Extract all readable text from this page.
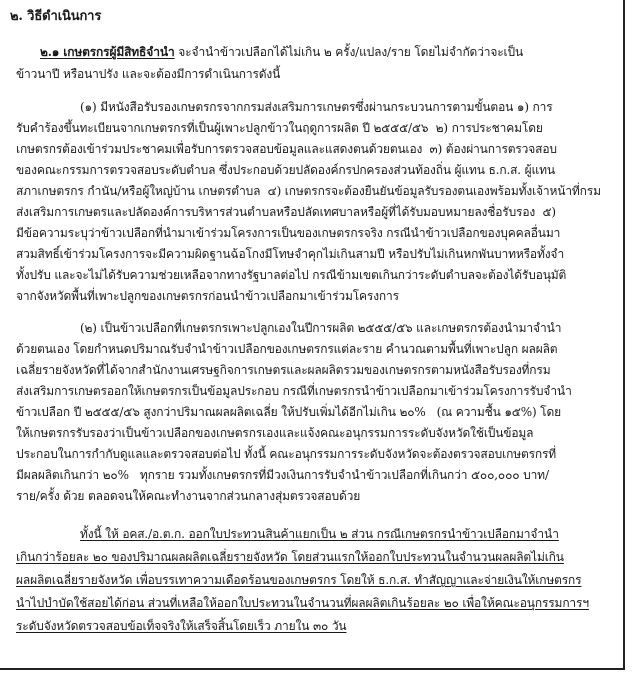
๒. วิธีดำเนินการ
๒.๑ เกษตรกรผู้มีสิทธิจำนำ จะจำนำข้าวเปลือกได้ไม่เกิน ๒ ครั้ง/แปลง/ราย โดยไม่จำกัดว่าจะเป็น
ข้าวนาปี หรือนาปรัง และจะต้องมีการดำเนินการดังนี้
(๑) มีหนังสือรับรองเกษตรกรจากกรมส่งเสริมการเกษตรซึ่งผ่านกระบวนการตามขั้นตอน ๑) การ
รับคำร้องขึ้นทะเบียนจากเกษตรกรที่เป็นผู้เพาะปลูกข้าวในฤดูการผลิต ปี ๒๕๕๕/๕๖  ๒) การประชาคมโดย
เกษตรกรต้องเข้าร่วมประชาคมเพื่อรับการตรวจสอบข้อมูลและแสดงตนด้วยตนเอง  ๓) ต้องผ่านการตรวจสอบ
ของคณะกรรมการตรวจสอบระดับตำบล ซึ่งประกอบด้วยปลัดองค์กรปกครองส่วนท้องถิ่น ผู้แทน ธ.ก.ส. ผู้แทน
สภาเกษตรกร กำนัน/หรือผู้ใหญ่บ้าน เกษตรตำบล  ๔) เกษตรกรจะต้องยืนยันข้อมูลรับรองตนเองพร้อมทั้งเจ้าหน้าที่กรม
ส่งเสริมการเกษตรและปลัดองค์การบริหารส่วนตำบลหรือปลัดเทศบาลหรือผู้ที่ได้รับมอบหมายลงชื่อรับรอง  ๕)
มีข้อความระบุว่าข้าวเปลือกที่นำมาเข้าร่วมโครงการเป็นของเกษตรกรจริง กรณีนำข้าวเปลือกของบุคคลอื่นมา
สวมสิทธิ์เข้าร่วมโครงการจะมีความผิดฐานฉ้อโกงมีโทษจำคุกไม่เกินสามปี หรือปรับไม่เกินหกพันบาทหรือทั้งจำ
ทั้งปรับ และจะไม่ได้รับความช่วยเหลือจากทางรัฐบาลต่อไป กรณีข้ามเขตเกินกว่าระดับตำบลจะต้องได้รับอนุมัติ
จากจังหวัดพื้นที่เพาะปลูกของเกษตรกรก่อนนำข้าวเปลือกมาเข้าร่วมโครงการ
(๒) เป็นข้าวเปลือกที่เกษตรกรเพาะปลูกเองในปีการผลิต ๒๕๕๕/๕๖ และเกษตรกรต้องนำมาจำนำ
ด้วยตนเอง โดยกำหนดปริมาณรับจำนำข้าวเปลือกของเกษตรกรแต่ละราย คำนวณตามพื้นที่เพาะปลูก ผลผลิต
เฉลี่ยรายจังหวัดที่ได้จากสำนักงานเศรษฐกิจการเกษตรและผลผลิตรวมของเกษตรกรตามหนังสือรับรองที่กรม
ส่งเสริมการเกษตรออกให้เกษตรกรเป็นข้อมูลประกอบ กรณีที่เกษตรกรนำข้าวเปลือกมาเข้าร่วมโครงการรับจำนำ
ข้าวเปลือก ปี ๒๕๕๕/๕๖ สูงกว่าปริมาณผลผลิตเฉลี่ย ให้ปรับเพิ่มได้อีกไม่เกิน ๒๐%   (ณ ความชื้น ๑๕%) โดย
ให้เกษตรกรรับรองว่าเป็นข้าวเปลือกของเกษตรกรเองและแจ้งคณะอนุกรรมการระดับจังหวัดใช้เป็นข้อมูล
ประกอบในการกำกับดูแลและตรวจสอบต่อไป ทั้งนี้ คณะอนุกรรมการระดับจังหวัดจะต้องตรวจสอบเกษตรกรที่
มีผลผลิตเกินกว่า ๒๐%   ทุกราย รวมทั้งเกษตรกรที่มีวงเงินการรับจำนำข้าวเปลือกที่เกินกว่า ๕๐๐,๐๐๐ บาท/
ราย/ครั้ง ด้วย ตลอดจนให้คณะทำงานจากส่วนกลางสุ่มตรวจสอบด้วย
ทั้งนี้ ให้ อคส./อ.ต.ก. ออกใบประทวนสินค้าแยกเป็น ๒ ส่วน กรณีเกษตรกรนำข้าวเปลือกมาจำนำ
เกินกว่าร้อยละ ๒๐ ของปริมาณผลผลิตเฉลี่ยรายจังหวัด โดยส่วนแรกให้ออกใบประทวนในจำนวนผลผลิตไม่เกิน
ผลผลิตเฉลี่ยรายจังหวัด เพื่อบรรเทาความเดือดร้อนของเกษตรกร โดยให้ ธ.ก.ส. ทำสัญญาและจ่ายเงินให้เกษตรกร
นำไปบำบัดใช้สอยได้ก่อน ส่วนที่เหลือให้ออกใบประทวนในจำนวนที่ผลผลิตเกินร้อยละ ๒๐ เพื่อให้คณะอนุกรรมการฯ
ระดับจังหวัดตรวจสอบข้อเท็จจริงให้เสร็จสิ้นโดยเร็ว ภายใน ๓๐ วัน
